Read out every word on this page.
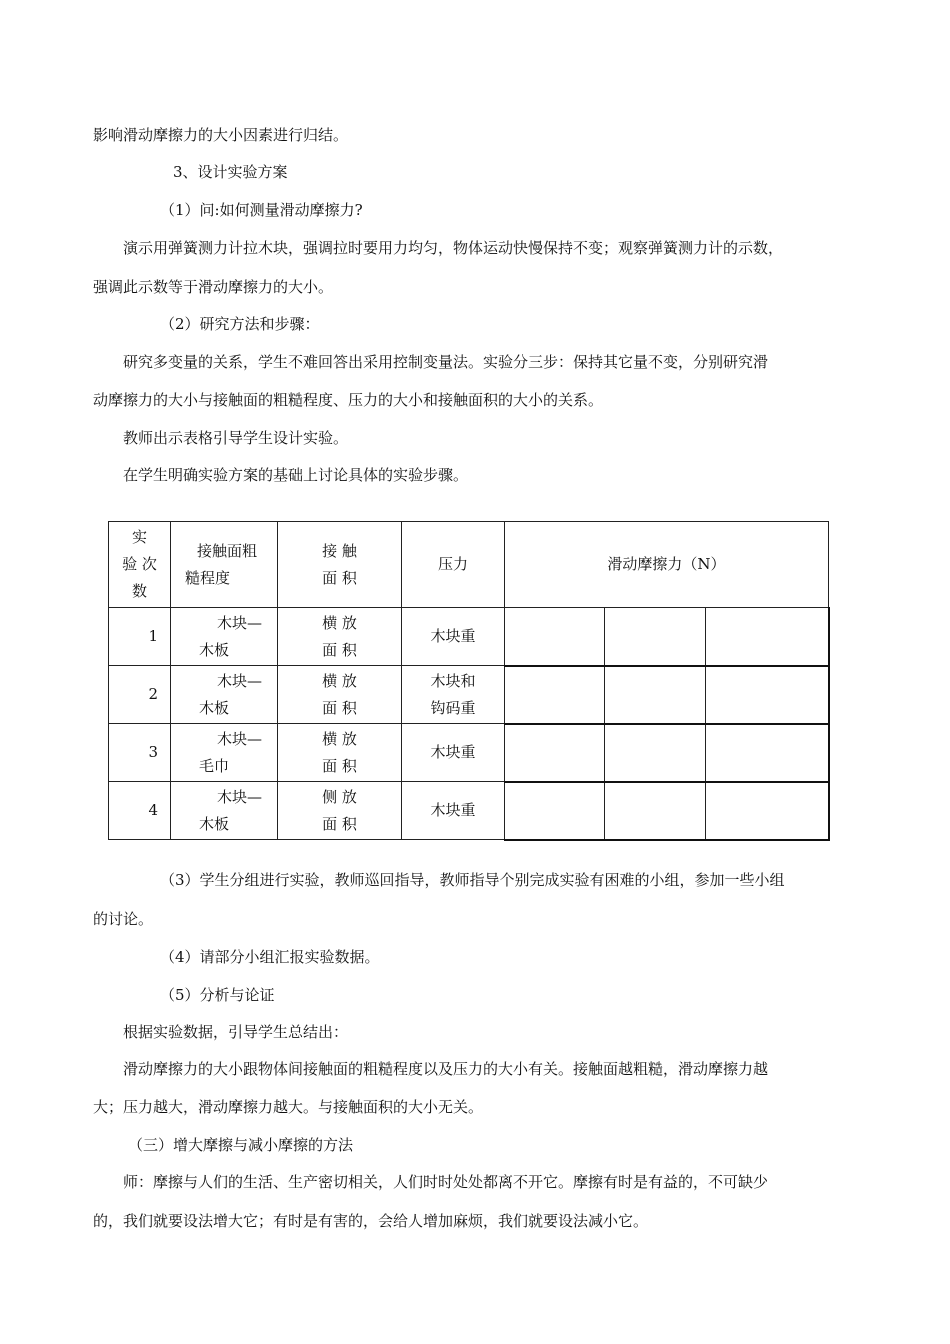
影响滑动摩擦力的大小因素进行归结。
3、设计实验方案
（1）问:如何测量滑动摩擦力?
演示用弹簧测力计拉木块，强调拉时要用力均匀，物体运动快慢保持不变；观察弹簧测力计的示数，
强调此示数等于滑动摩擦力的大小。
（2）研究方法和步骤：
研究多变量的关系，学生不难回答出采用控制变量法。实验分三步：保持其它量不变，分别研究滑
动摩擦力的大小与接触面的粗糙程度、压力的大小和接触面积的大小的关系。
教师出示表格引导学生设计实验。
在学生明确实验方案的基础上讨论具体的实验步骤。
实
验 次
数	接触面粗
糙程度	接 触
面 积	压力	滑动摩擦力（N）		
1	木块—
木板	横 放
面 积	木块重			

2	木块—
木板	横 放
面 积	木块和
钩码重			

3	木块—
毛巾	横 放
面 积	木块重			

4	木块—
木板	侧 放
面 积	木块重			

（3）学生分组进行实验，教师巡回指导，教师指导个别完成实验有困难的小组，参加一些小组
的讨论。
（4）请部分小组汇报实验数据。
（5）分析与论证
根据实验数据，引导学生总结出：
滑动摩擦力的大小跟物体间接触面的粗糙程度以及压力的大小有关。接触面越粗糙，滑动摩擦力越
大；压力越大，滑动摩擦力越大。与接触面积的大小无关。
（三）增大摩擦与减小摩擦的方法
师：摩擦与人们的生活、生产密切相关，人们时时处处都离不开它。摩擦有时是有益的，不可缺少
的，我们就要设法增大它；有时是有害的，会给人增加麻烦，我们就要设法减小它。
